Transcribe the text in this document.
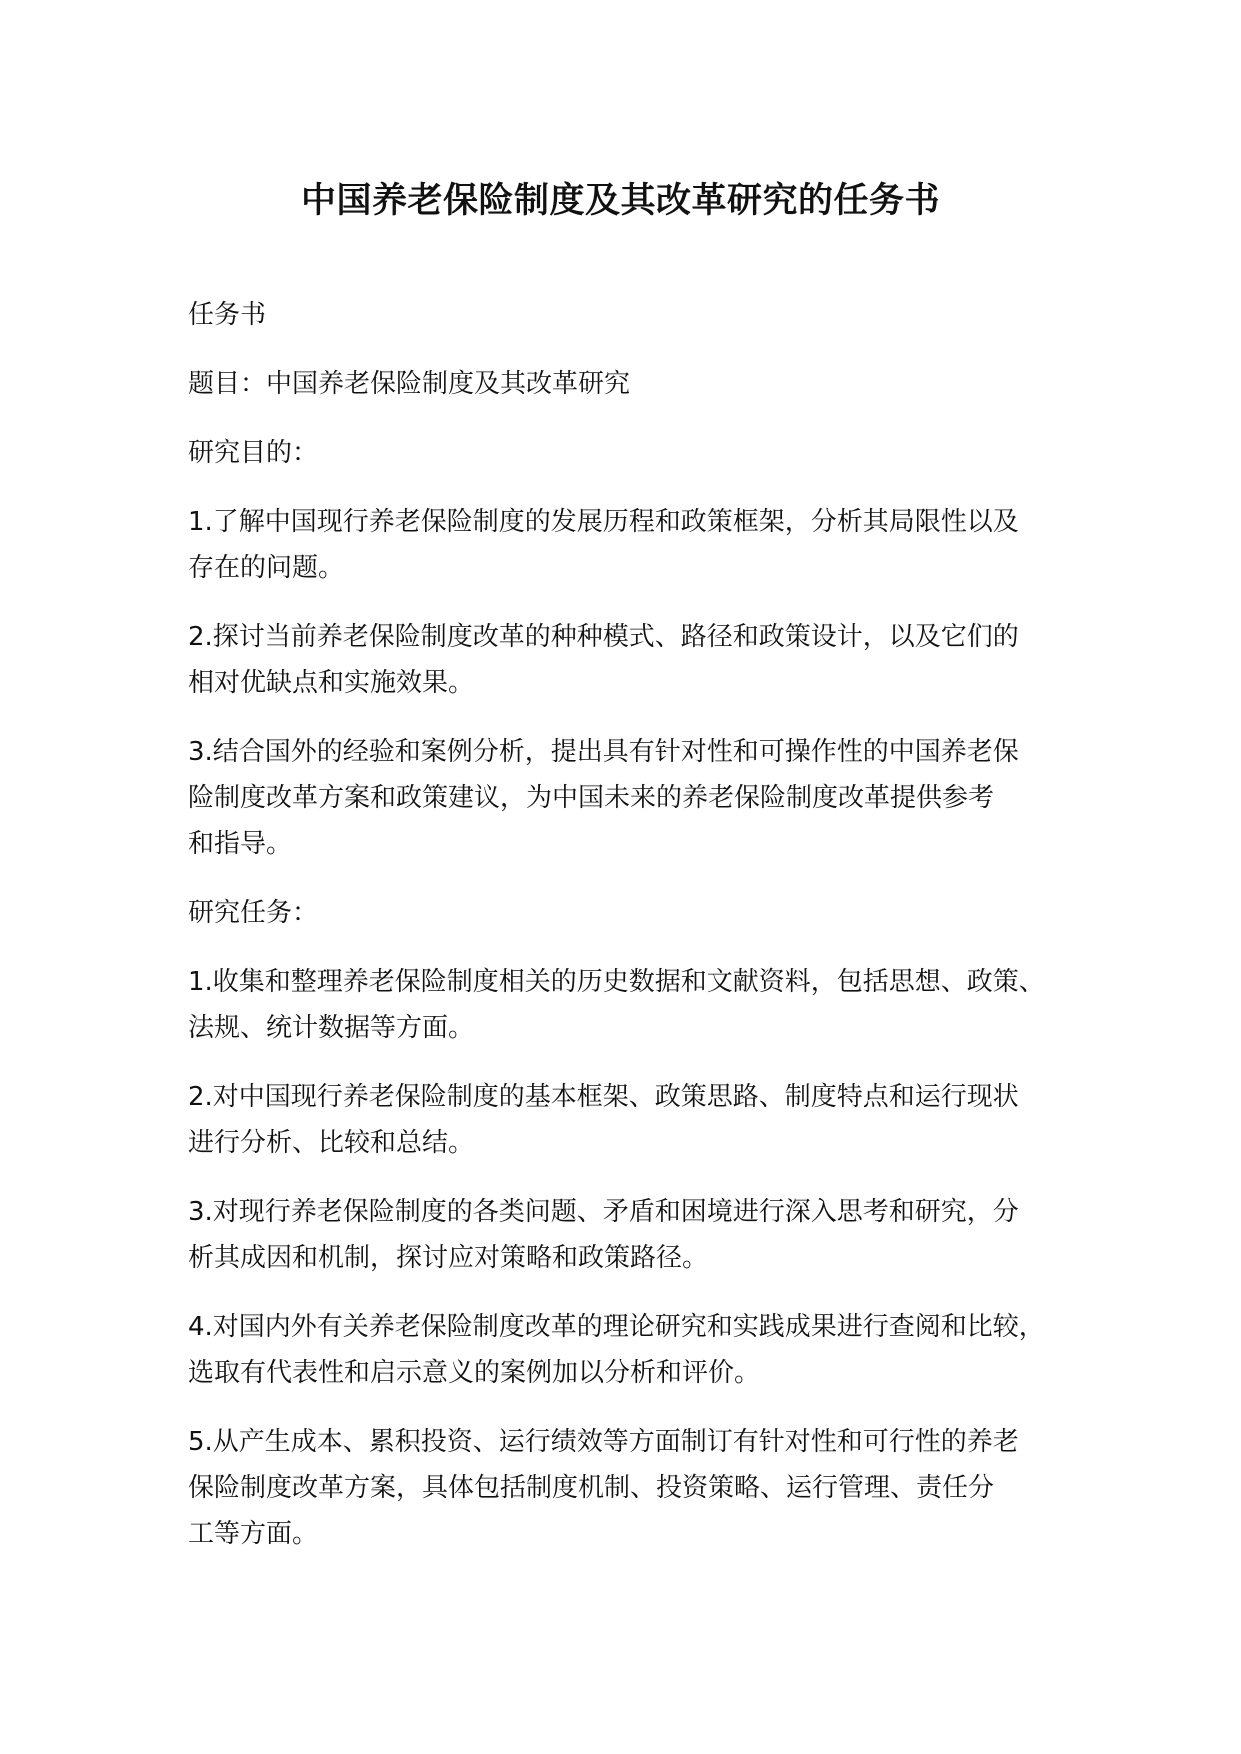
中国养老保险制度及其改革研究的任务书
任务书
题目：中国养老保险制度及其改革研究
研究目的：
1.了解中国现行养老保险制度的发展历程和政策框架，分析其局限性以及
存在的问题。
2.探讨当前养老保险制度改革的种种模式、路径和政策设计，以及它们的
相对优缺点和实施效果。
3.结合国外的经验和案例分析，提出具有针对性和可操作性的中国养老保
险制度改革方案和政策建议，为中国未来的养老保险制度改革提供参考
和指导。
研究任务：
1.收集和整理养老保险制度相关的历史数据和文献资料，包括思想、政策、
法规、统计数据等方面。
2.对中国现行养老保险制度的基本框架、政策思路、制度特点和运行现状
进行分析、比较和总结。
3.对现行养老保险制度的各类问题、矛盾和困境进行深入思考和研究，分
析其成因和机制，探讨应对策略和政策路径。
4.对国内外有关养老保险制度改革的理论研究和实践成果进行查阅和比较，
选取有代表性和启示意义的案例加以分析和评价。
5.从产生成本、累积投资、运行绩效等方面制订有针对性和可行性的养老
保险制度改革方案，具体包括制度机制、投资策略、运行管理、责任分
工等方面。
